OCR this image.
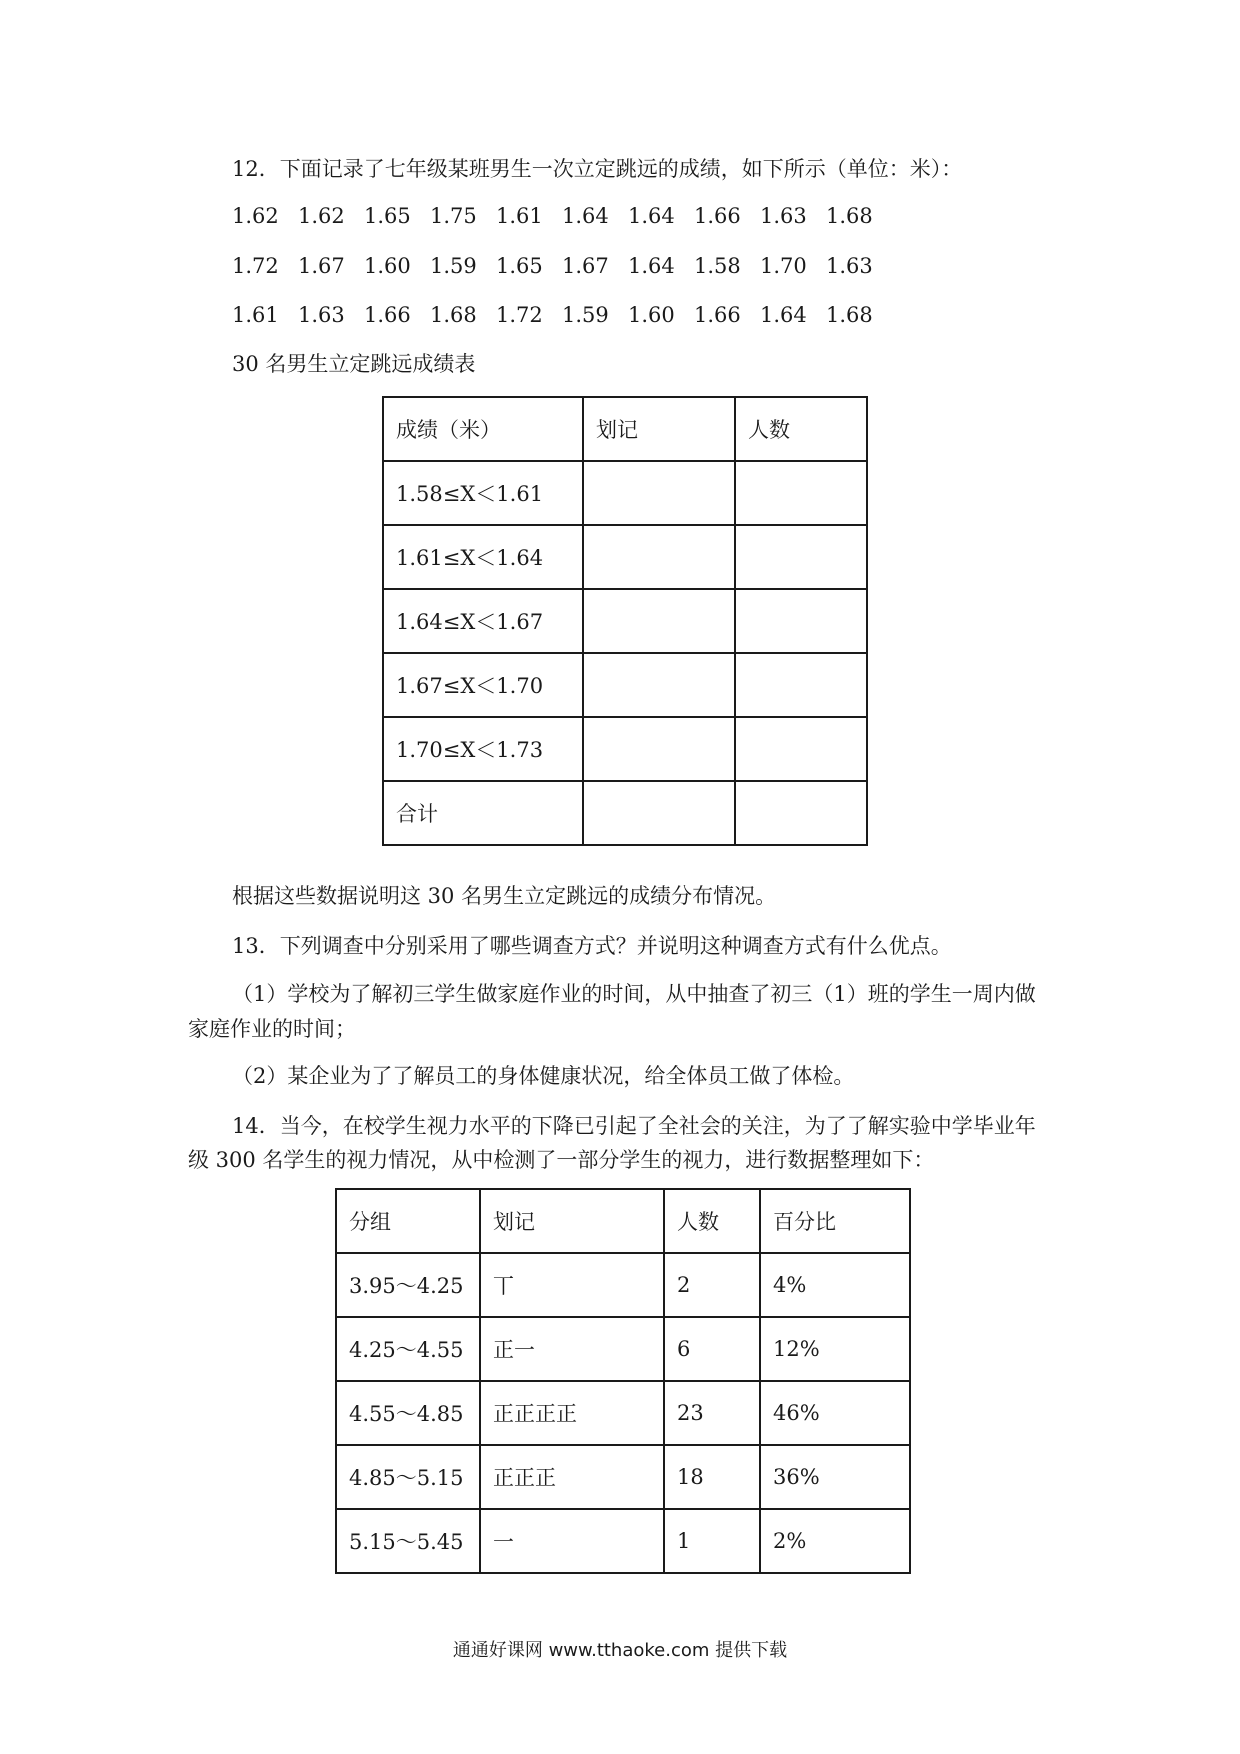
12．下面记录了七年级某班男生一次立定跳远的成绩，如下所示（单位：米）：
1.62 1.62 1.65 1.75 1.61 1.64 1.64 1.66 1.63 1.68
1.72 1.67 1.60 1.59 1.65 1.67 1.64 1.58 1.70 1.63
1.61 1.63 1.66 1.68 1.72 1.59 1.60 1.66 1.64 1.68
30 名男生立定跳远成绩表
成绩（米）	划记	人数
1.58≤X＜1.61		
1.61≤X＜1.64		
1.64≤X＜1.67		
1.67≤X＜1.70		
1.70≤X＜1.73		
合计		
根据这些数据说明这 30 名男生立定跳远的成绩分布情况。
13．下列调查中分别采用了哪些调查方式？并说明这种调查方式有什么优点。
（1）学校为了解初三学生做家庭作业的时间，从中抽查了初三（1）班的学生一周内做
家庭作业的时间；
（2）某企业为了了解员工的身体健康状况，给全体员工做了体检。
14．当今，在校学生视力水平的下降已引起了全社会的关注，为了了解实验中学毕业年
级 300 名学生的视力情况，从中检测了一部分学生的视力，进行数据整理如下：
分组	划记	人数	百分比
3.95～4.25	丅	2	4%
4.25～4.55	正一	6	12%
4.55～4.85	正正正正	23	46%
4.85～5.15	正正正	18	36%
5.15～5.45	一	1	2%
通通好课网 www.tthaoke.com 提供下载
